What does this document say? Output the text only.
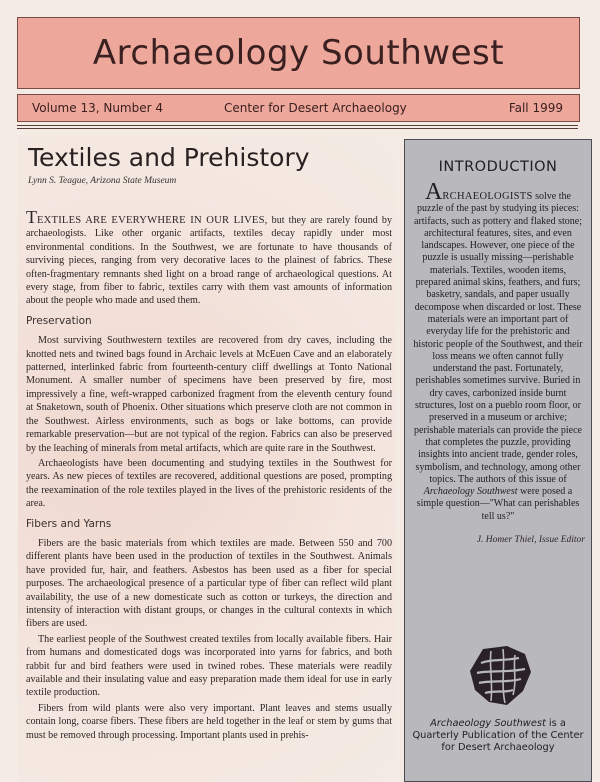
Archaeology Southwest
Volume 13, Number 4	Center for Desert Archaeology	Fall 1999
Textiles and Prehistory
Lynn S. Teague, Arizona State Museum

TEXTILES ARE EVERYWHERE IN OUR LIVES, but they are rarely found by archaeologists. Like other organic artifacts, textiles decay rapidly under most environmental conditions. In the Southwest, we are fortunate to have thousands of surviving pieces, ranging from very decorative laces to the plainest of fabrics. These often-fragmentary remnants shed light on a broad range of archaeological questions. At every stage, from fiber to fabric, textiles carry with them vast amounts of information about the people who made and used them.

Preservation

Most surviving Southwestern textiles are recovered from dry caves, including the knotted nets and twined bags found in Archaic levels at McEuen Cave and an elaborately patterned, interlinked fabric from fourteenth-century cliff dwellings at Tonto National Monument. A smaller number of specimens have been preserved by fire, most impressively a fine, weft-wrapped carbonized fragment from the eleventh century found at Snaketown, south of Phoenix. Other situations which preserve cloth are not common in the Southwest. Airless environments, such as bogs or lake bottoms, can provide remarkable preservation—but are not typical of the region. Fabrics can also be preserved by the leaching of minerals from metal artifacts, which are quite rare in the Southwest.

Archaeologists have been documenting and studying textiles in the Southwest for years. As new pieces of textiles are recovered, additional questions are posed, prompting the reexamination of the role textiles played in the lives of the prehistoric residents of the area.

Fibers and Yarns

Fibers are the basic materials from which textiles are made. Between 550 and 700 different plants have been used in the production of textiles in the Southwest. Animals have provided fur, hair, and feathers. Asbestos has been used as a fiber for special purposes. The archaeological presence of a particular type of fiber can reflect wild plant availability, the use of a new domesticate such as cotton or turkeys, the direction and intensity of interaction with distant groups, or changes in the cultural contexts in which fibers are used.

The earliest people of the Southwest created textiles from locally available fibers. Hair from humans and domesticated dogs was incorporated into yarns for fabrics, and both rabbit fur and bird feathers were used in twined robes. These materials were readily available and their insulating value and easy preparation made them ideal for use in early textile production.

Fibers from wild plants were also very important. Plant leaves and stems usually contain long, coarse fibers. These fibers are held together in the leaf or stem by gums that must be removed through processing. Important plants used in prehis-

INTRODUCTION
ARCHAEOLOGISTS solve the puzzle of the past by studying its pieces: artifacts, such as pottery and flaked stone; architectural features, sites, and even landscapes. However, one piece of the puzzle is usually missing—perishable materials. Textiles, wooden items, prepared animal skins, feathers, and furs; basketry, sandals, and paper usually decompose when discarded or lost. These materials were an important part of everyday life for the prehistoric and historic people of the Southwest, and their loss means we often cannot fully understand the past. Fortunately, perishables sometimes survive. Buried in dry caves, carbonized inside burnt structures, lost on a pueblo room floor, or preserved in a museum or archive; perishable materials can provide the piece that completes the puzzle, providing insights into ancient trade, gender roles, symbolism, and technology, among other topics. The authors of this issue of Archaeology Southwest were posed a simple question—"What can perishables tell us?"
J. Homer Thiel, Issue Editor
Archaeology Southwest is a Quarterly Publication of the Center for Desert Archaeology
